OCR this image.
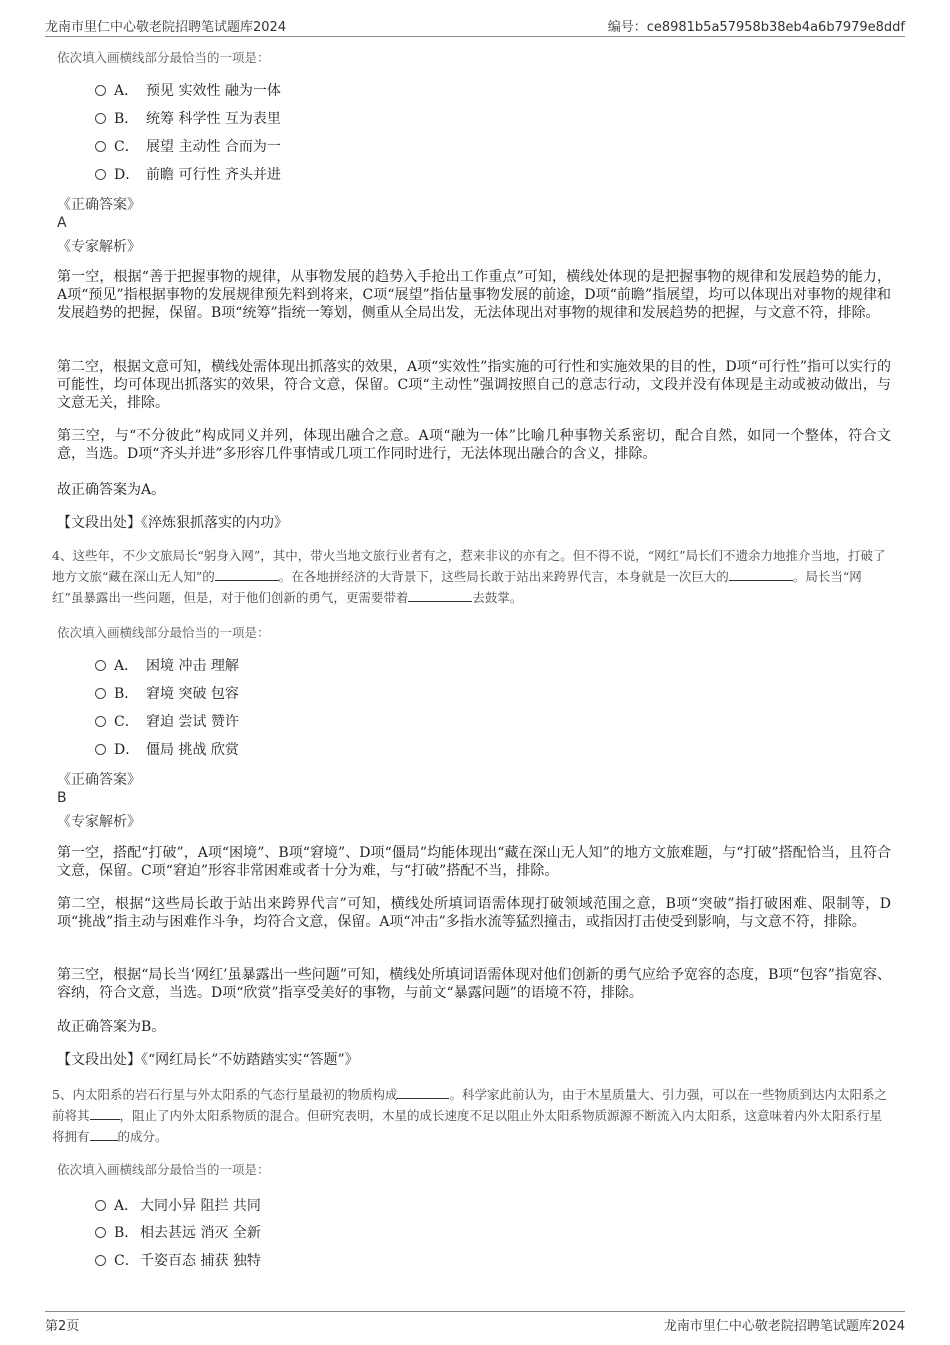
龙南市里仁中心敬老院招聘笔试题库2024	编号：ce8981b5a57958b38eb4a6b7979e8ddf
依次填入画横线部分最恰当的一项是：
A． 预见 实效性 融为一体
B． 统筹 科学性 互为表里
C． 展望 主动性 合而为一
D． 前瞻 可行性 齐头并进
《正确答案》
A
《专家解析》
第一空，根据“善于把握事物的规律，从事物发展的趋势入手抢出工作重点”可知，横线处体现的是把握事物的规律和发展趋势的能力，A项“预见”指根据事物的发展规律预先料到将来，C项“展望”指估量事物发展的前途，D项“前瞻”指展望，均可以体现出对事物的规律和发展趋势的把握，保留。B项“统筹”指统一筹划，侧重从全局出发，无法体现出对事物的规律和发展趋势的把握，与文意不符，排除。
第二空，根据文意可知，横线处需体现出抓落实的效果，A项“实效性”指实施的可行性和实施效果的目的性，D项“可行性”指可以实行的可能性，均可体现出抓落实的效果，符合文意，保留。C项“主动性”强调按照自己的意志行动，文段并没有体现是主动或被动做出，与文意无关，排除。
第三空，与“不分彼此”构成同义并列，体现出融合之意。A项“融为一体”比喻几种事物关系密切，配合自然，如同一个整体，符合文意，当选。D项“齐头并进”多形容几件事情或几项工作同时进行，无法体现出融合的含义，排除。
故正确答案为A。
【文段出处】《淬炼狠抓落实的内功》
4、这些年，不少文旅局长“躬身入网”，其中，带火当地文旅行业者有之，惹来非议的亦有之。但不得不说，“网红”局长们不遗余力地推介当地，打破了地方文旅“藏在深山无人知”的	。在各地拼经济的大背景下，这些局长敢于站出来跨界代言，本身就是一次巨大的	。局长当“网红”虽暴露出一些问题，但是，对于他们创新的勇气，更需要带着	去鼓掌。
依次填入画横线部分最恰当的一项是：
A． 困境 冲击 理解
B． 窘境 突破 包容
C． 窘迫 尝试 赞许
D． 僵局 挑战 欣赏
《正确答案》
B
《专家解析》
第一空，搭配“打破”，A项“困境”、B项“窘境”、D项“僵局”均能体现出“藏在深山无人知”的地方文旅难题，与“打破”搭配恰当，且符合文意，保留。C项“窘迫”形容非常困难或者十分为难，与“打破”搭配不当，排除。
第二空，根据“这些局长敢于站出来跨界代言”可知，横线处所填词语需体现打破领域范围之意，B项“突破”指打破困难、限制等，D项“挑战”指主动与困难作斗争，均符合文意，保留。A项“冲击”多指水流等猛烈撞击，或指因打击使受到影响，与文意不符，排除。
第三空，根据“局长当‘网红’虽暴露出一些问题”可知，横线处所填词语需体现对他们创新的勇气应给予宽容的态度，B项“包容”指宽容、容纳，符合文意，当选。D项“欣赏”指享受美好的事物，与前文“暴露问题”的语境不符，排除。
故正确答案为B。
【文段出处】《“网红局长”不妨踏踏实实“答题”》
5、内太阳系的岩石行星与外太阳系的气态行星最初的物质构成	。科学家此前认为，由于木星质量大、引力强，可以在一些物质到达内太阳系之前将其 ，阻止了内外太阳系物质的混合。但研究表明，木星的成长速度不足以阻止外太阳系物质源源不断流入内太阳系，这意味着内外太阳系行星将拥有 的成分。
依次填入画横线部分最恰当的一项是：
A． 大同小异 阻拦 共同
B． 相去甚远 消灭 全新
C．千姿百态 捕获 独特
第2页	龙南市里仁中心敬老院招聘笔试题库2024
